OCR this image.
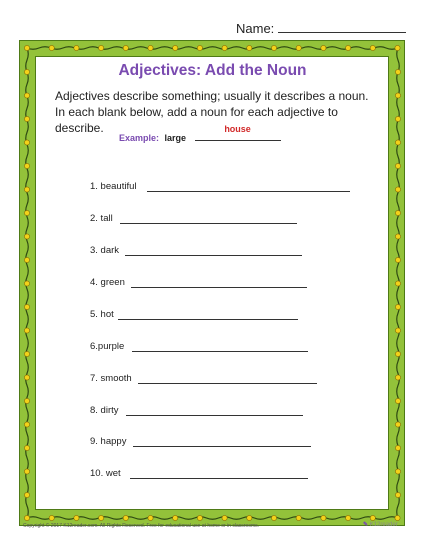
Name:
Adjectives: Add the Noun
Adjectives describe something; usually it describes a noun. In each blank below, add a noun for each adjective to describe.
Example: large
house
1. beautiful
2. tall
3. dark
4. green
5. hot
6.purple
7. smooth
8. dirty
9. happy
10. wet
Copyright © 2017 K12reader.com. All Rights Reserved. Free for educational use at home or in classrooms.	✎ K12reader
